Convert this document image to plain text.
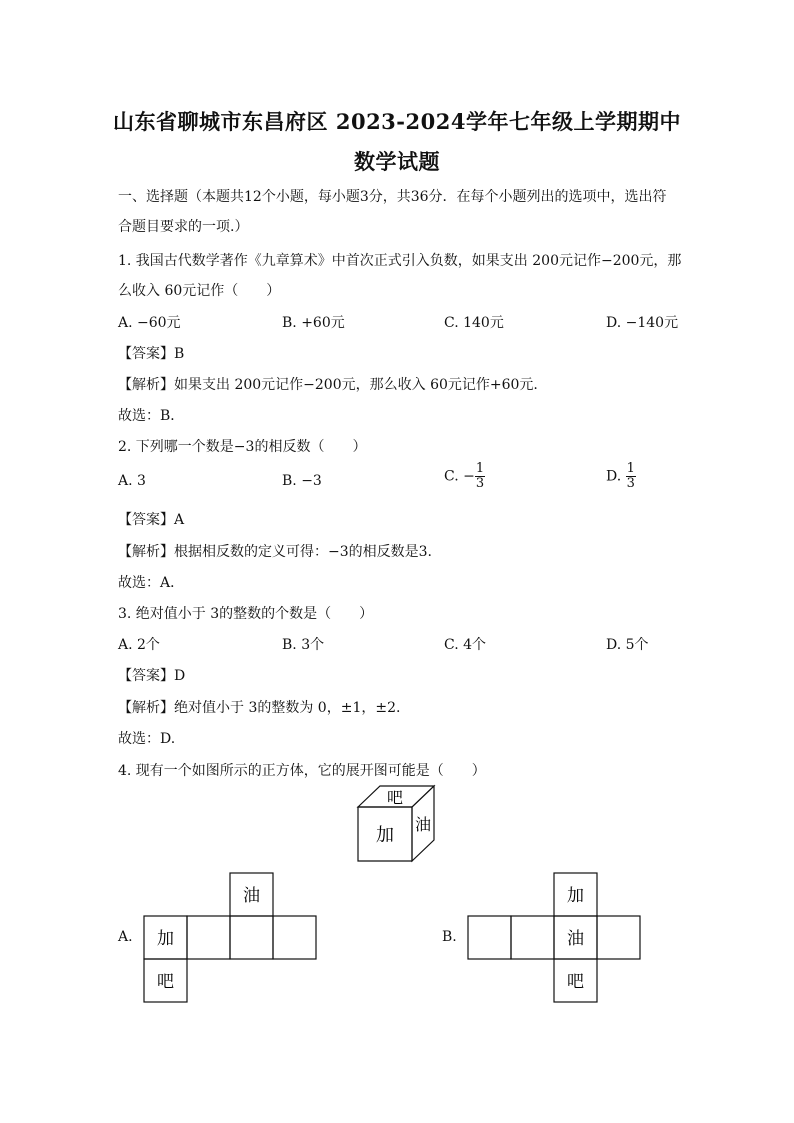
山东省聊城市东昌府区 2023-2024学年七年级上学期期中
数学试题
一、选择题（本题共12个小题，每小题3分，共36分．在每个小题列出的选项中，选出符
合题目要求的一项.）
1. 我国古代数学著作《九章算术》中首次正式引入负数，如果支出 200元记作−200元，那
么收入 60元记作（　　）
A. −60元	B. +60元	C. 140元	D. −140元
【答案】B
【解析】如果支出 200元记作−200元，那么收入 60元记作+60元.
故选：B．
2. 下列哪一个数是−3的相反数（　　）
A. 3	B. −3	C. − $\frac{1}{3}$	D. $\frac{1}{3}$
【答案】A
【解析】根据相反数的定义可得：−3的相反数是3.
故选：A．
3. 绝对值小于 3的整数的个数是（　　）
A. 2个	B. 3个	C. 4个	D. 5个
【答案】D
【解析】绝对值小于 3的整数为 0，±1，±2.
故选：D.
4. 现有一个如图所示的正方体，它的展开图可能是（　　）
吧
加
油
A.
油
加
吧
B.
加
油
吧
